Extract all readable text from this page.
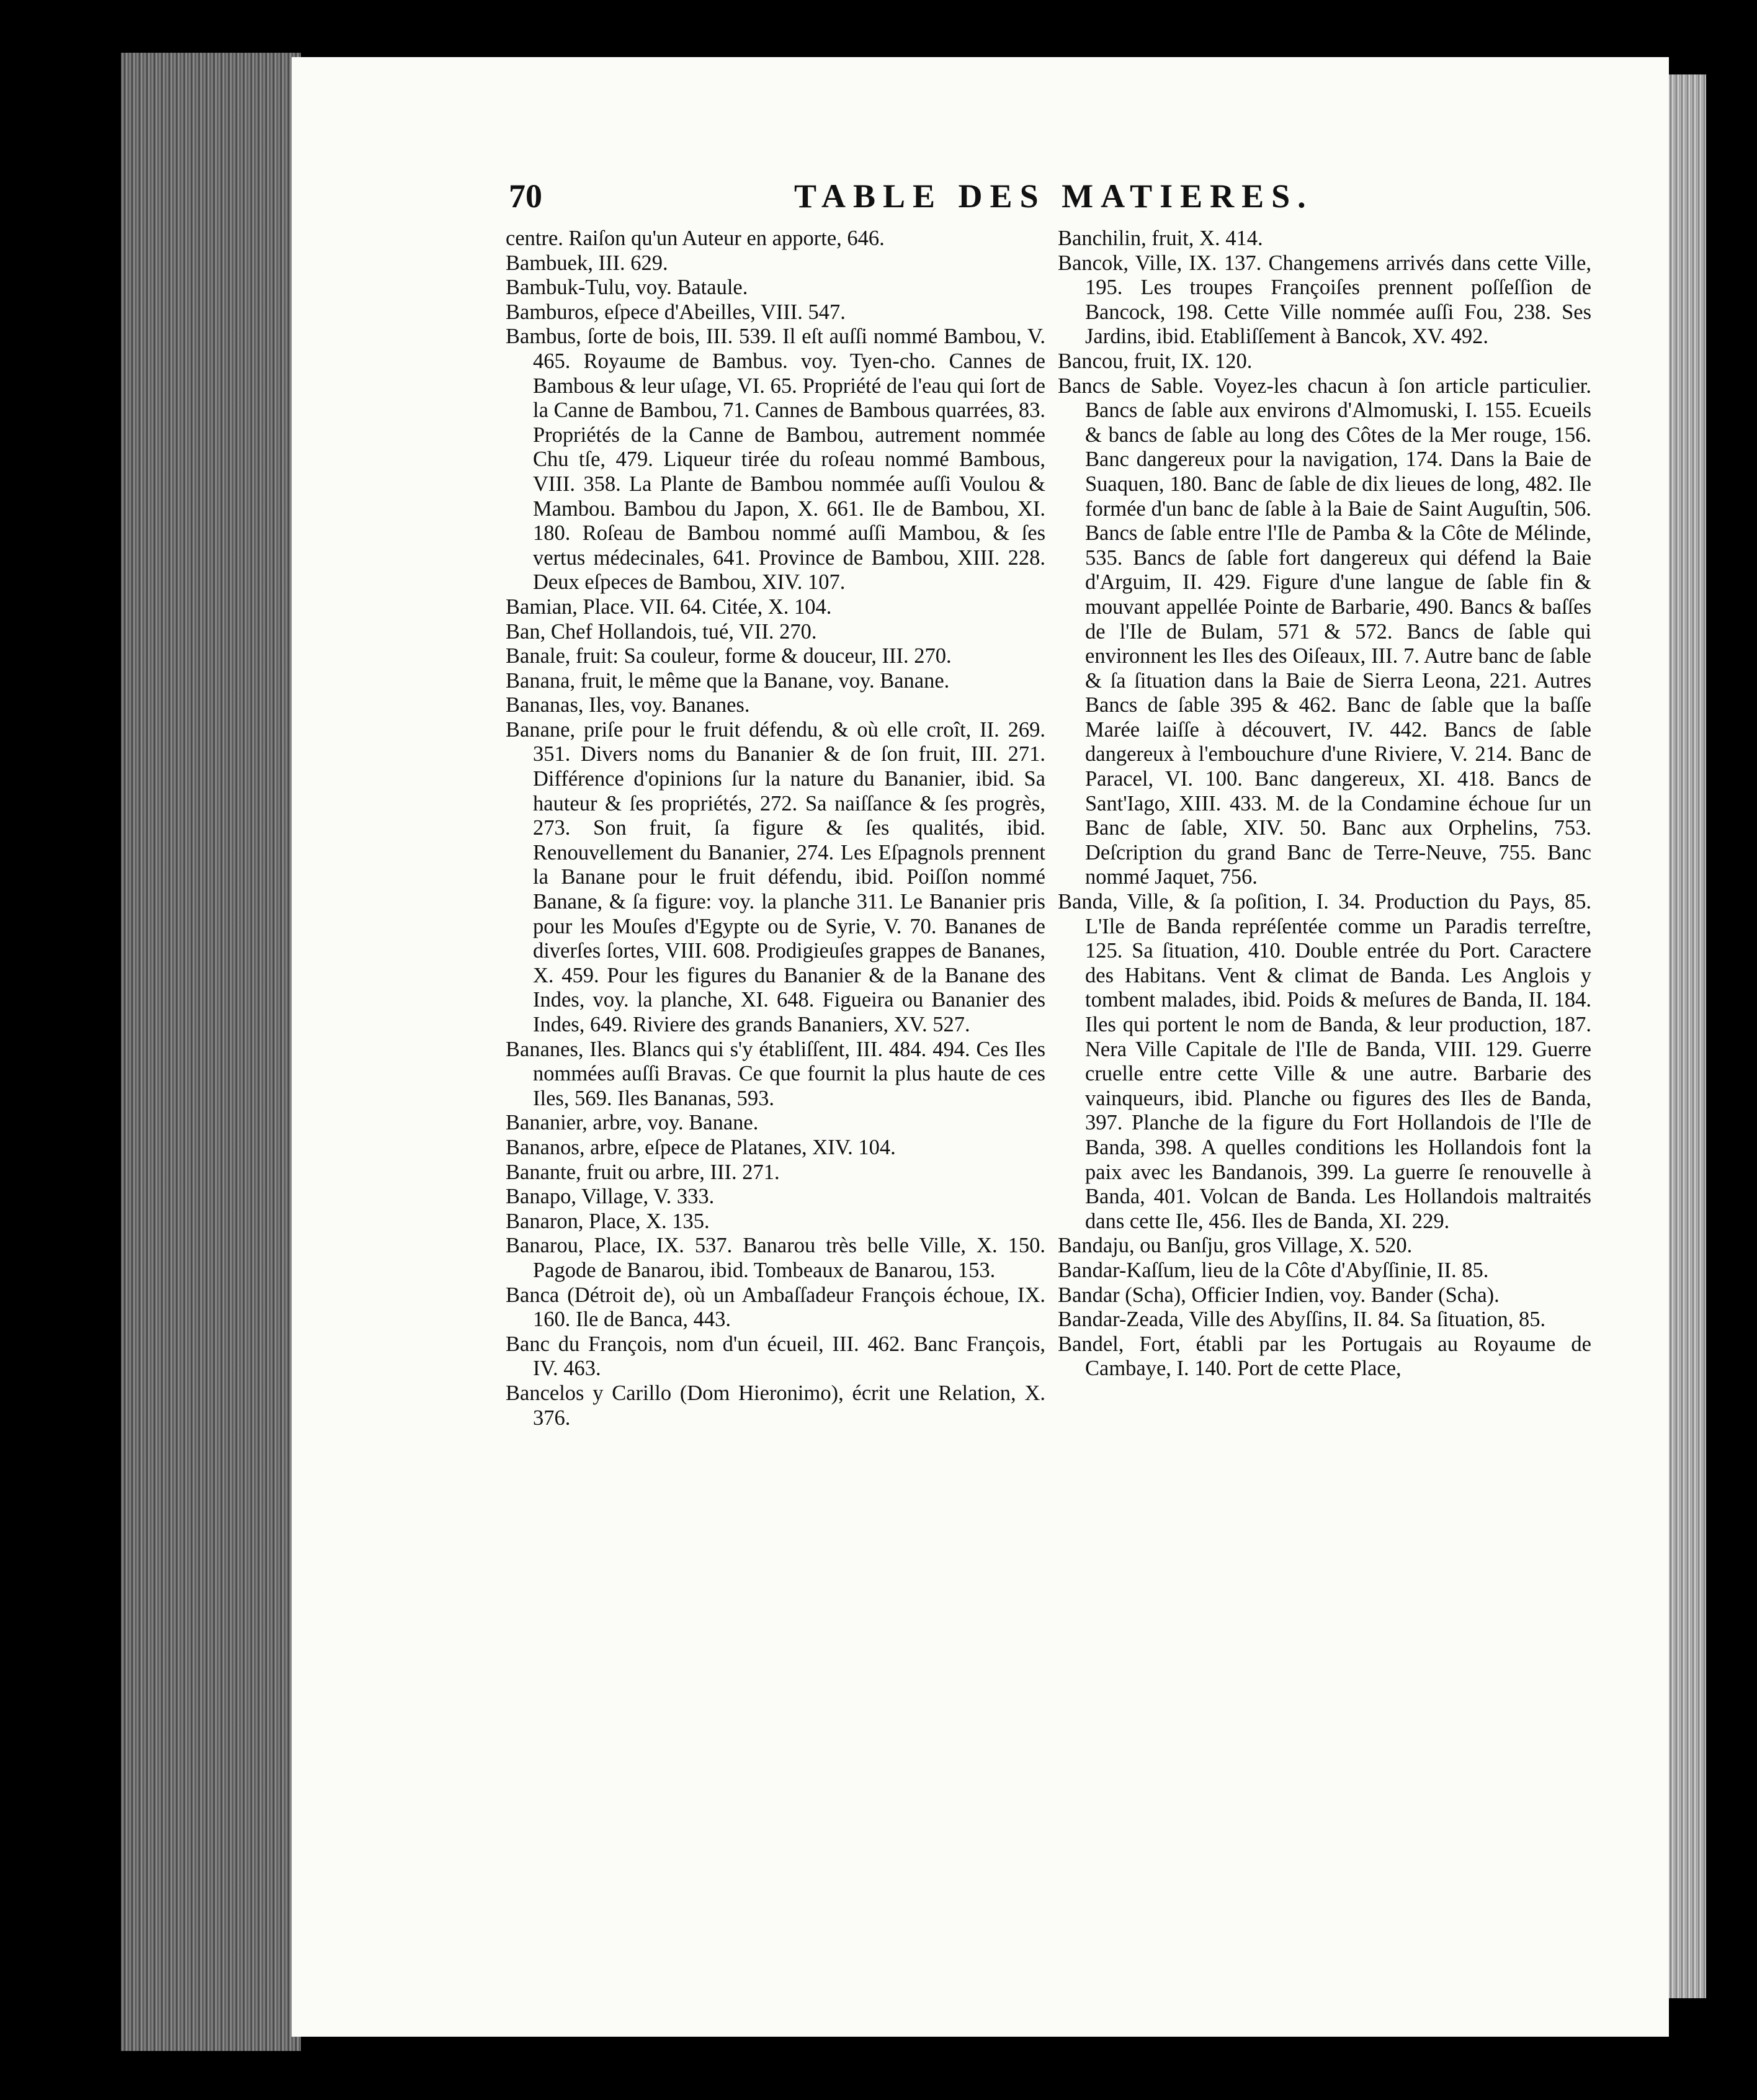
70	TABLE DES MATIERES.

centre. Raiſon qu'un Auteur en apporte, 646.

Bambuek, III. 629.

Bambuk-Tulu, voy. Bataule.

Bamburos, eſpece d'Abeilles, VIII. 547.

Bambus, ſorte de bois, III. 539. Il eſt auſſi nommé Bambou, V. 465. Royaume de Bambus. voy. Tyen-cho. Cannes de Bambous & leur uſage, VI. 65. Propriété de l'eau qui ſort de la Canne de Bambou, 71. Cannes de Bambous quarrées, 83. Propriétés de la Canne de Bambou, autrement nommée Chu tſe, 479. Liqueur tirée du roſeau nommé Bambous, VIII. 358. La Plante de Bambou nommée auſſi Voulou & Mambou. Bambou du Japon, X. 661. Ile de Bambou, XI. 180. Roſeau de Bambou nommé auſſi Mambou, & ſes vertus médecinales, 641. Province de Bambou, XIII. 228. Deux eſpeces de Bambou, XIV. 107.

Bamian, Place. VII. 64. Citée, X. 104.

Ban, Chef Hollandois, tué, VII. 270.

Banale, fruit: Sa couleur, forme & douceur, III. 270.

Banana, fruit, le même que la Banane, voy. Banane.

Bananas, Iles, voy. Bananes.

Banane, priſe pour le fruit défendu, & où elle croît, II. 269. 351. Divers noms du Bananier & de ſon fruit, III. 271. Différence d'opinions ſur la nature du Bananier, ibid. Sa hauteur & ſes propriétés, 272. Sa naiſſance & ſes progrès, 273. Son fruit, ſa figure & ſes qualités, ibid. Renouvellement du Bananier, 274. Les Eſpagnols prennent la Banane pour le fruit défendu, ibid. Poiſſon nommé Banane, & ſa figure: voy. la planche 311. Le Bananier pris pour les Mouſes d'Egypte ou de Syrie, V. 70. Bananes de diverſes ſortes, VIII. 608. Prodigieuſes grappes de Bananes, X. 459. Pour les figures du Bananier & de la Banane des Indes, voy. la planche, XI. 648. Figueira ou Bananier des Indes, 649. Riviere des grands Bananiers, XV. 527.

Bananes, Iles. Blancs qui s'y établiſſent, III. 484. 494. Ces Iles nommées auſſi Bravas. Ce que fournit la plus haute de ces Iles, 569. Iles Bananas, 593.

Bananier, arbre, voy. Banane.

Bananos, arbre, eſpece de Platanes, XIV. 104.

Banante, fruit ou arbre, III. 271.

Banapo, Village, V. 333.

Banaron, Place, X. 135.

Banarou, Place, IX. 537. Banarou très belle Ville, X. 150. Pagode de Banarou, ibid. Tombeaux de Banarou, 153.

Banca (Détroit de), où un Ambaſſadeur François échoue, IX. 160. Ile de Banca, 443.

Banc du François, nom d'un écueil, III. 462. Banc François, IV. 463.

Bancelos y Carillo (Dom Hieronimo), écrit une Relation, X. 376.

Banchilin, fruit, X. 414.

Bancok, Ville, IX. 137. Changemens arrivés dans cette Ville, 195. Les troupes Françoiſes prennent poſſeſſion de Bancock, 198. Cette Ville nommée auſſi Fou, 238. Ses Jardins, ibid. Etabliſſement à Bancok, XV. 492.

Bancou, fruit, IX. 120.

Bancs de Sable. Voyez-les chacun à ſon article particulier. Bancs de ſable aux environs d'Almomuski, I. 155. Ecueils & bancs de ſable au long des Côtes de la Mer rouge, 156. Banc dangereux pour la navigation, 174. Dans la Baie de Suaquen, 180. Banc de ſable de dix lieues de long, 482. Ile formée d'un banc de ſable à la Baie de Saint Auguſtin, 506. Bancs de ſable entre l'Ile de Pamba & la Côte de Mélinde, 535. Bancs de ſable fort dangereux qui défend la Baie d'Arguim, II. 429. Figure d'une langue de ſable fin & mouvant appellée Pointe de Barbarie, 490. Bancs & baſſes de l'Ile de Bulam, 571 & 572. Bancs de ſable qui environnent les Iles des Oiſeaux, III. 7. Autre banc de ſable & ſa ſituation dans la Baie de Sierra Leona, 221. Autres Bancs de ſable 395 & 462. Banc de ſable que la baſſe Marée laiſſe à découvert, IV. 442. Bancs de ſable dangereux à l'embouchure d'une Riviere, V. 214. Banc de Paracel, VI. 100. Banc dangereux, XI. 418. Bancs de Sant'Iago, XIII. 433. M. de la Condamine échoue ſur un Banc de ſable, XIV. 50. Banc aux Orphelins, 753. Deſcription du grand Banc de Terre-Neuve, 755. Banc nommé Jaquet, 756.

Banda, Ville, & ſa poſition, I. 34. Production du Pays, 85. L'Ile de Banda repréſentée comme un Paradis terreſtre, 125. Sa ſituation, 410. Double entrée du Port. Caractere des Habitans. Vent & climat de Banda. Les Anglois y tombent malades, ibid. Poids & meſures de Banda, II. 184. Iles qui portent le nom de Banda, & leur production, 187. Nera Ville Capitale de l'Ile de Banda, VIII. 129. Guerre cruelle entre cette Ville & une autre. Barbarie des vainqueurs, ibid. Planche ou figures des Iles de Banda, 397. Planche de la figure du Fort Hollandois de l'Ile de Banda, 398. A quelles conditions les Hollandois font la paix avec les Bandanois, 399. La guerre ſe renouvelle à Banda, 401. Volcan de Banda. Les Hollandois maltraités dans cette Ile, 456. Iles de Banda, XI. 229.

Bandaju, ou Banſju, gros Village, X. 520.

Bandar-Kaſſum, lieu de la Côte d'Abyſſinie, II. 85.

Bandar (Scha), Officier Indien, voy. Bander (Scha).

Bandar-Zeada, Ville des Abyſſins, II. 84. Sa ſituation, 85.

Bandel, Fort, établi par les Portugais au Royaume de Cambaye, I. 140. Port de cette Place,
